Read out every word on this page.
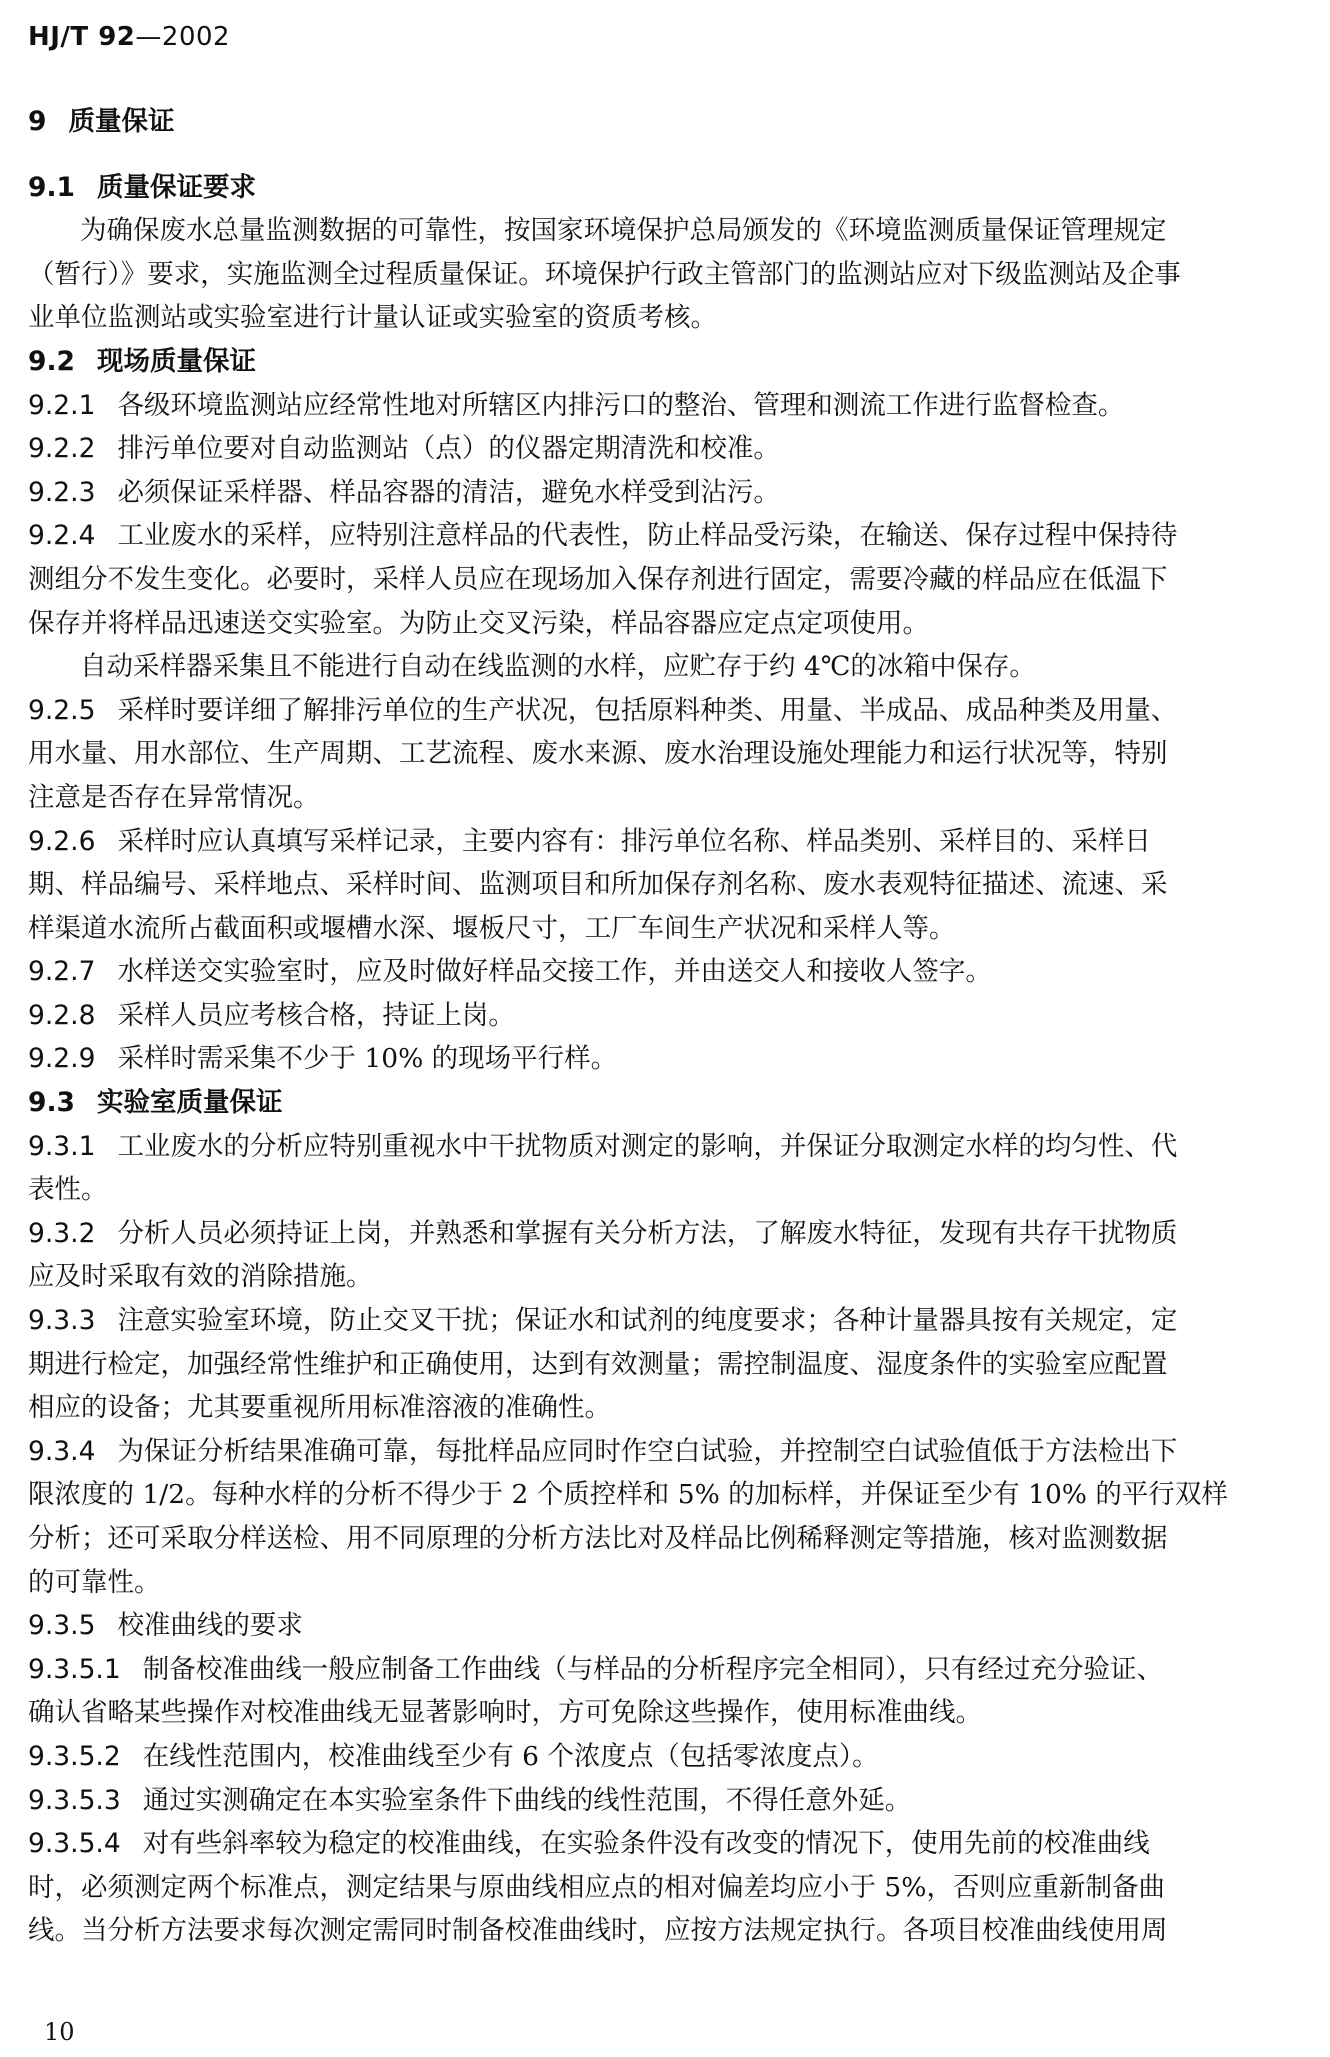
HJ/T 92—2002
9 质量保证
9.1 质量保证要求
为确保废水总量监测数据的可靠性，按国家环境保护总局颁发的《环境监测质量保证管理规定
（暂行）》要求，实施监测全过程质量保证。环境保护行政主管部门的监测站应对下级监测站及企事
业单位监测站或实验室进行计量认证或实验室的资质考核。
9.2 现场质量保证
9.2.1 各级环境监测站应经常性地对所辖区内排污口的整治、管理和测流工作进行监督检查。
9.2.2 排污单位要对自动监测站（点）的仪器定期清洗和校准。
9.2.3 必须保证采样器、样品容器的清洁，避免水样受到沾污。
9.2.4 工业废水的采样，应特别注意样品的代表性，防止样品受污染，在输送、保存过程中保持待
测组分不发生变化。必要时，采样人员应在现场加入保存剂进行固定，需要冷藏的样品应在低温下
保存并将样品迅速送交实验室。为防止交叉污染，样品容器应定点定项使用。
自动采样器采集且不能进行自动在线监测的水样，应贮存于约 4℃的冰箱中保存。
9.2.5 采样时要详细了解排污单位的生产状况，包括原料种类、用量、半成品、成品种类及用量、
用水量、用水部位、生产周期、工艺流程、废水来源、废水治理设施处理能力和运行状况等，特别
注意是否存在异常情况。
9.2.6 采样时应认真填写采样记录，主要内容有：排污单位名称、样品类别、采样目的、采样日
期、样品编号、采样地点、采样时间、监测项目和所加保存剂名称、废水表观特征描述、流速、采
样渠道水流所占截面积或堰槽水深、堰板尺寸，工厂车间生产状况和采样人等。
9.2.7 水样送交实验室时，应及时做好样品交接工作，并由送交人和接收人签字。
9.2.8 采样人员应考核合格，持证上岗。
9.2.9 采样时需采集不少于 10% 的现场平行样。
9.3 实验室质量保证
9.3.1 工业废水的分析应特别重视水中干扰物质对测定的影响，并保证分取测定水样的均匀性、代
表性。
9.3.2 分析人员必须持证上岗，并熟悉和掌握有关分析方法，了解废水特征，发现有共存干扰物质
应及时采取有效的消除措施。
9.3.3 注意实验室环境，防止交叉干扰；保证水和试剂的纯度要求；各种计量器具按有关规定，定
期进行检定，加强经常性维护和正确使用，达到有效测量；需控制温度、湿度条件的实验室应配置
相应的设备；尤其要重视所用标准溶液的准确性。
9.3.4 为保证分析结果准确可靠，每批样品应同时作空白试验，并控制空白试验值低于方法检出下
限浓度的 1/2。每种水样的分析不得少于 2 个质控样和 5% 的加标样，并保证至少有 10% 的平行双样
分析；还可采取分样送检、用不同原理的分析方法比对及样品比例稀释测定等措施，核对监测数据
的可靠性。
9.3.5 校准曲线的要求
9.3.5.1 制备校准曲线一般应制备工作曲线（与样品的分析程序完全相同），只有经过充分验证、
确认省略某些操作对校准曲线无显著影响时，方可免除这些操作，使用标准曲线。
9.3.5.2 在线性范围内，校准曲线至少有 6 个浓度点（包括零浓度点）。
9.3.5.3 通过实测确定在本实验室条件下曲线的线性范围，不得任意外延。
9.3.5.4 对有些斜率较为稳定的校准曲线，在实验条件没有改变的情况下，使用先前的校准曲线
时，必须测定两个标准点，测定结果与原曲线相应点的相对偏差均应小于 5%，否则应重新制备曲
线。当分析方法要求每次测定需同时制备校准曲线时，应按方法规定执行。各项目校准曲线使用周
10
